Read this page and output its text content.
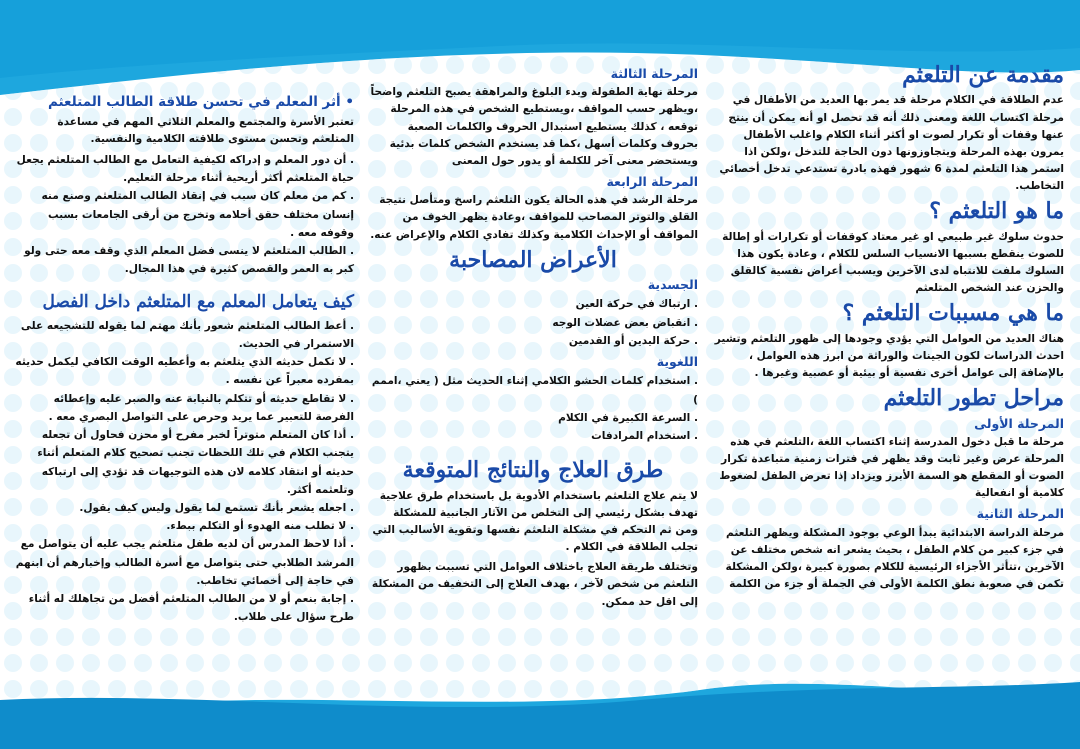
مقدمة عن التلعثم

عدم الطلاقة في الكلام مرحلة قد يمر بها العديد من الأطفال في مرحلة اكتساب اللغة ومعنى ذلك أنه قد تحصل او أنه يمكن أن ينتج عنها وقفات أو تكرار لصوت او أكثر أثناء الكلام واغلب الأطفال يمرون بهذه المرحلة ويتجاوزونها دون الحاجة للتدخل ،ولكن اذا استمر هذا التلعثم لمدة 6 شهور فهذه بادرة تستدعي تدخل أخصائي التخاطب.

ما هو التلعثم ؟

حدوث سلوك غير طبيعي او غير معتاد كوقفات أو تكرارات أو إطالة للصوت ينقطع بسببها الانسياب السلس للكلام ، وعادة يكون هذا السلوك ملفت للانتباه لدى الآخرين ويسبب أعراض نفسية كالقلق والحزن عند الشخص المتلعثم

ما هي مسببات التلعثم ؟

هناك العديد من العوامل التي يؤدي وجودها إلى ظهور التلعثم وتشير احدث الدراسات لكون الجينات والوراثة من ابرز هذه العوامل ، بالإضافة إلى عوامل أخرى نفسية أو بيئية أو عصبية وغيرها .

مراحل تطور التلعثم
المرحلة الأولى

مرحلة ما قبل دخول المدرسة إثناء اكتساب اللغة ،التلعثم في هذه المرحلة عرض وغير ثابت وقد يظهر في فترات زمنية متباعدة تكرار الصوت أو المقطع هو السمة الأبرز ويزداد إذا تعرض الطفل لضغوط كلامية أو انفعالية

المرحلة الثانية

مرحلة الدراسة الابتدائية يبدأ الوعي بوجود المشكلة ويظهر التلعثم في جزء كبير من كلام الطفل ، بحيث يشعر انه شخص مختلف عن الآخرين ،تتأثر الأجزاء الرئيسية للكلام بصورة كبيرة ،ولكن المشكلة تكمن في صعوبة نطق الكلمة الأولى في الجملة أو جزء من الكلمة

المرحلة الثالثة

مرحلة نهاية الطفولة وبدء البلوغ والمراهقة يصبح التلعثم واضحاً ،ويظهر حسب المواقف ،ويستطيع الشخص في هذه المرحلة توقعه ، كذلك يستطيع استبدال الحروف والكلمات الصعبة بحروف وكلمات أسهل ،كما قد يستخدم الشخص كلمات بدئية ويستحضر معنى آخر للكلمة أو يدور حول المعنى

المرحلة الرابعة

مرحلة الرشد في هذه الحالة يكون التلعثم راسخ ومتأصل نتيجة القلق والتوتر المصاحب للمواقف ،وعادة يظهر الخوف من المواقف أو الإحداث الكلامية وكذلك تفادي الكلام والإعراض عنه.

الأعراض المصاحبة
الجسدية
. ارتباك في حركة العين
. انقباض بعض عضلات الوجه
. حركة اليدين أو القدمين
اللغوية
. استخدام كلمات الحشو الكلامي إثناء الحديث مثل ( يعني ،اممم )
. السرعة الكبيرة في الكلام
. استخدام المرادفات
طرق العلاج والنتائج المتوقعة

لا يتم علاج التلعثم باستخدام الأدوية بل باستخدام طرق علاجية تهدف بشكل رئيسي إلى التخلص من الآثار الجانبية للمشكلة ومن ثم التحكم في مشكلة التلعثم نفسها وتقوية الأساليب التي تجلب الطلاقة في الكلام .

وتختلف طريقة العلاج باختلاف العوامل التي تسببت بظهور التلعثم من شخص لآخر ، بهدف العلاج إلى التخفيف من المشكلة إلى اقل حد ممكن.

• أثر المعلم في تحسن طلاقة الطالب المتلعثم

تعتبر الأسرة والمجتمع والمعلم الثلاثي المهم في مساعدة المتلعثم وتحسن مستوى طلاقته الكلامية والنفسية.

. أن دور المعلم و إدراكه لكيفية التعامل مع الطالب المتلعثم يجعل حياة المتلعثم أكثر أريحية أثناء مرحلة التعليم.
. كم من معلم كان سبب في إنقاذ الطالب المتلعثم وصنع منه إنسان مختلف حقق أحلامه وتخرج من أرقى الجامعات بسبب وقوفه معه .
. الطالب المتلعثم لا ينسى فضل المعلم الذي وقف معه حتى ولو كبر به العمر والقصص كثيرة في هذا المجال.
كيف يتعامل المعلم مع المتلعثم داخل الفصل
. أعط الطالب المتلعثم شعور بأنك مهتم لما يقوله للتشجيعه على الاستمرار في الحديث.
. لا تكمل حديثه الذي يتلعثم به وأعطيه الوقت الكافي ليكمل حديثه بمفرده معبراً عن نفسه .
. لا تقاطع حديثه أو تتكلم بالنيابة عنه والصبر عليه وإعطائه الفرصة للتعبير عما يريد وحرص على التواصل البصري معه .
. أذا كان المتعلم متوتراً لخبر مفرح أو محزن فحاول أن تجعله يتجنب الكلام في تلك اللحظات تجنب تصحيح كلام المتعلم أثناء حديثه أو انتقاد كلامه لان هذه التوجيهات قد تؤدي إلى ارتباكه وتلعثمه أكثر.
. اجعله يشعر بأنك تستمع لما يقول وليس كيف يقول.
. لا تطلب منه الهدوء أو التكلم ببطء.
. أذا لاحظ المدرس أن لديه طفل متلعثم يجب عليه أن يتواصل مع المرشد الطلابي حتى يتواصل مع أسرة الطالب وإخبارهم أن ابنهم في حاجة إلى أخصائي تخاطب.
. إجابة بنعم أو لا من الطالب المتلعثم أفضل من تجاهلك له أثناء طرح سؤال على طلاب.
